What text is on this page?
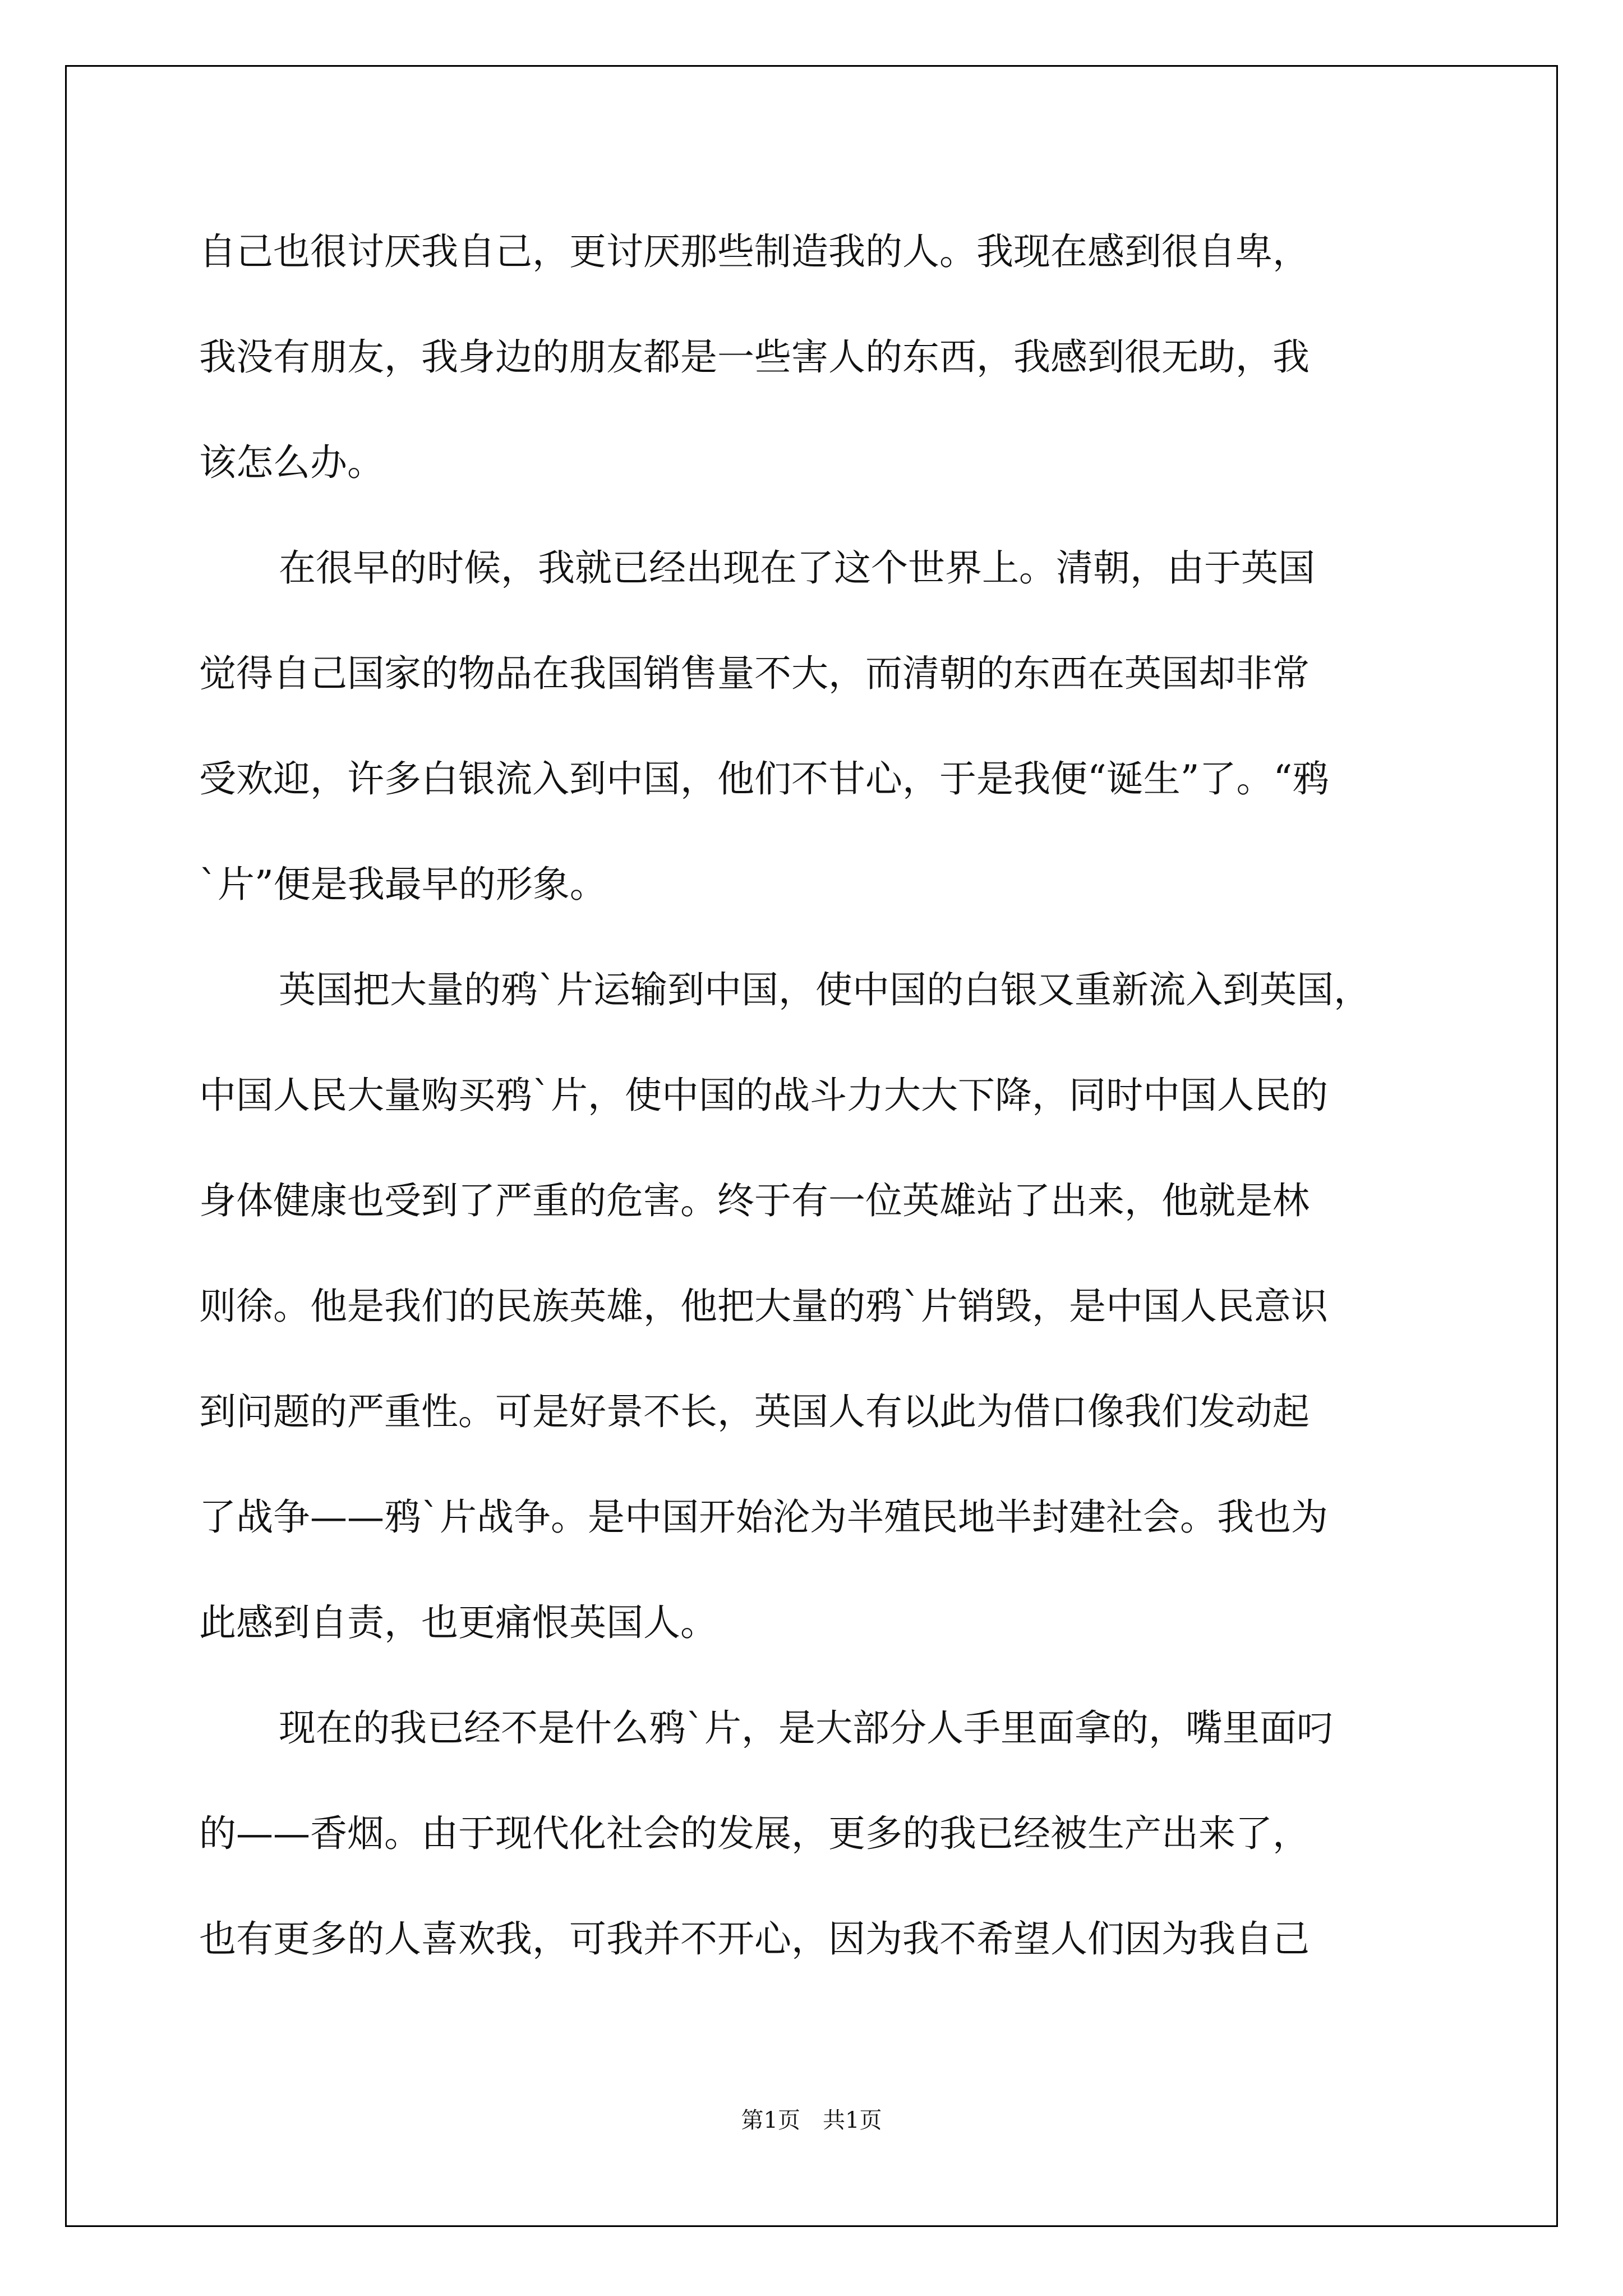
自己也很讨厌我自己，更讨厌那些制造我的人。我现在感到很自卑，
我没有朋友，我身边的朋友都是一些害人的东西，我感到很无助，我
该怎么办。
在很早的时候，我就已经出现在了这个世界上。清朝，由于英国
觉得自己国家的物品在我国销售量不大，而清朝的东西在英国却非常
受欢迎，许多白银流入到中国，他们不甘心，于是我便“诞生”了。“鸦
`片”便是我最早的形象。
英国把大量的鸦`片运输到中国，使中国的白银又重新流入到英国，
中国人民大量购买鸦`片，使中国的战斗力大大下降，同时中国人民的
身体健康也受到了严重的危害。终于有一位英雄站了出来，他就是林
则徐。他是我们的民族英雄，他把大量的鸦`片销毁，是中国人民意识
到问题的严重性。可是好景不长，英国人有以此为借口像我们发动起
了战争——鸦`片战争。是中国开始沦为半殖民地半封建社会。我也为
此感到自责，也更痛恨英国人。
现在的我已经不是什么鸦`片，是大部分人手里面拿的，嘴里面叼
的——香烟。由于现代化社会的发展，更多的我已经被生产出来了，
也有更多的人喜欢我，可我并不开心，因为我不希望人们因为我自己
第1页　共1页
